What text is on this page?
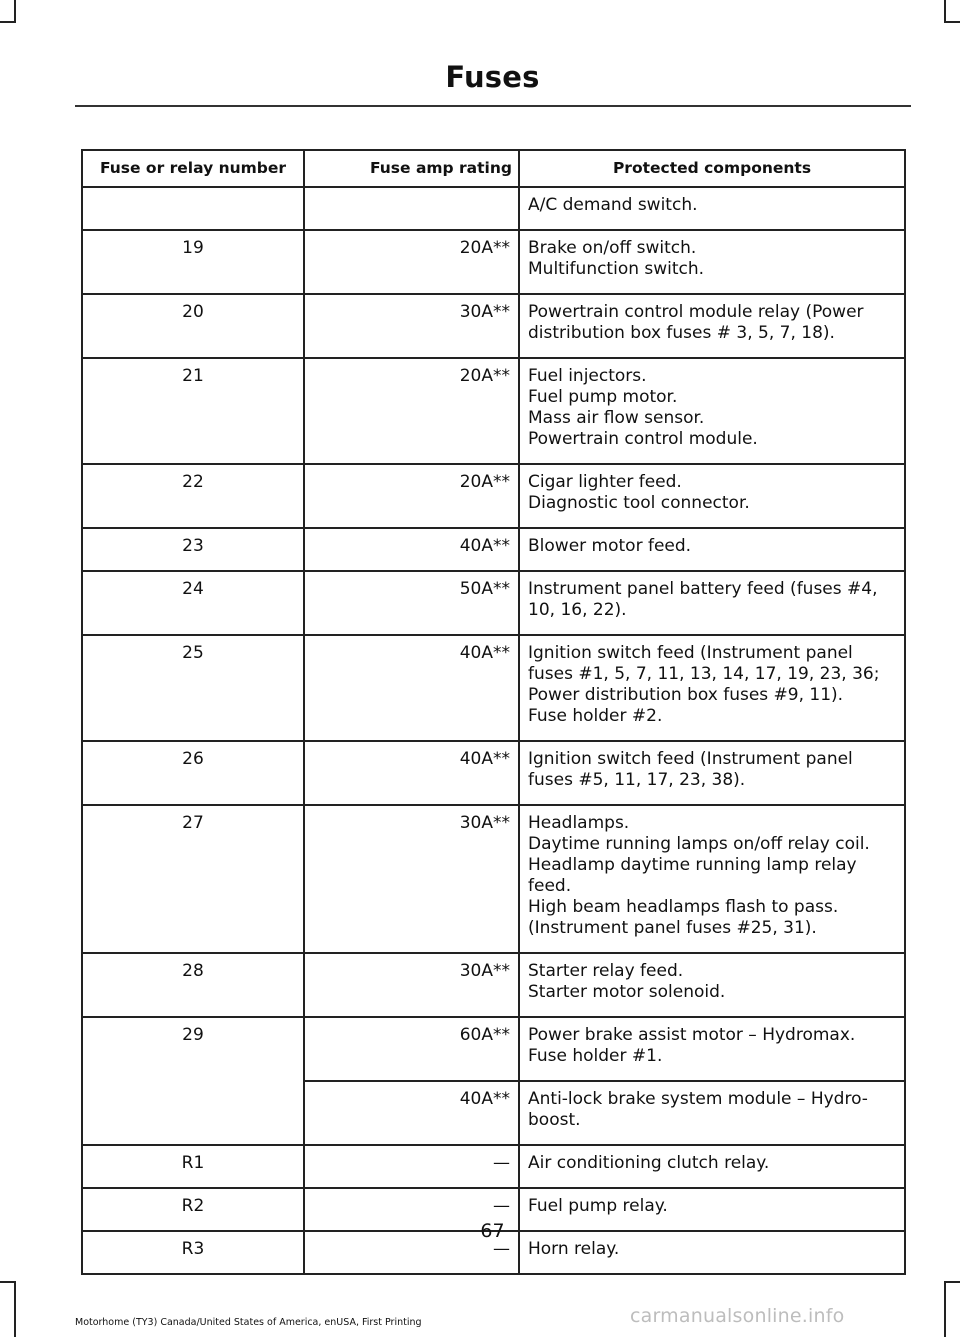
Fuses
Fuse or relay number	Fuse amp rating	Protected components

		A/C demand switch.

19	20A**	Brake on/off switch.
Multifunction switch.

20	30A**	Powertrain control module relay (Power distribution box fuses # 3, 5, 7, 18).

21	20A**	Fuel injectors.
Fuel pump motor.
Mass air flow sensor.
Powertrain control module.

22	20A**	Cigar lighter feed.
Diagnostic tool connector.

23	40A**	Blower motor feed.

24	50A**	Instrument panel battery feed (fuses #4, 10, 16, 22).

25	40A**	Ignition switch feed (Instrument panel fuses #1, 5, 7, 11, 13, 14, 17, 19, 23, 36; Power distribution box fuses #9, 11).
Fuse holder #2.

26	40A**	Ignition switch feed (Instrument panel fuses #5, 11, 17, 23, 38).

27	30A**	Headlamps.
Daytime running lamps on/off relay coil.
Headlamp daytime running lamp relay feed.
High beam headlamps flash to pass. (Instrument panel fuses #25, 31).

28	30A**	Starter relay feed.
Starter motor solenoid.

29	60A**	Power brake assist motor – Hydromax.
Fuse holder #1.

	40A**	Anti-lock brake system module – Hydro-boost.

R1	—	Air conditioning clutch relay.

R2	—	Fuel pump relay.

R3	—	Horn relay.
67
Motorhome (TY3) Canada/United States of America, enUSA, First Printing	carmanualsonline.info
